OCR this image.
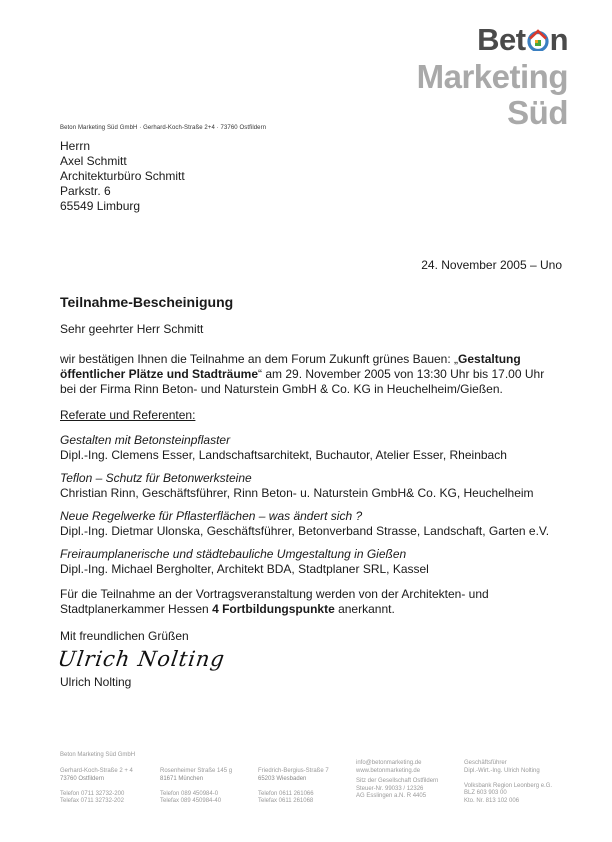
Bet n
Marketing
Süd
Beton Marketing Süd GmbH · Gerhard-Koch-Straße 2+4 · 73760 Ostfildern
Herrn
Axel Schmitt
Architekturbüro Schmitt
Parkstr. 6
65549 Limburg
24. November 2005 – Uno
Teilnahme-Bescheinigung
Sehr geehrter Herr Schmitt
wir bestätigen Ihnen die Teilnahme an dem Forum Zukunft grünes Bauen: „Gestaltung
öffentlicher Plätze und Stadträume“ am 29. November 2005 von 13:30 Uhr bis 17.00 Uhr
bei der Firma Rinn Beton- und Naturstein GmbH & Co. KG in Heuchelheim/Gießen.
Referate und Referenten:
Gestalten mit Betonsteinpflaster
Dipl.-Ing. Clemens Esser, Landschaftsarchitekt, Buchautor, Atelier Esser, Rheinbach
Teflon – Schutz für Betonwerksteine
Christian Rinn, Geschäftsführer, Rinn Beton- u. Naturstein GmbH& Co. KG, Heuchelheim
Neue Regelwerke für Pflasterflächen – was ändert sich ?
Dipl.-Ing. Dietmar Ulonska, Geschäftsführer, Betonverband Strasse, Landschaft, Garten e.V.
Freiraumplanerische und städtebauliche Umgestaltung in Gießen
Dipl.-Ing. Michael Bergholter, Architekt BDA, Stadtplaner SRL, Kassel
Für die Teilnahme an der Vortragsveranstaltung werden von der Architekten- und
Stadtplanerkammer Hessen 4 Fortbildungspunkte anerkannt.
Mit freundlichen Grüßen
Ulrich Nolting
Ulrich Nolting
Beton Marketing Süd GmbH
Gerhard-Koch-Straße 2 + 4
73760 Ostfildern

Telefon 0711 32732-200
Telefax 0711 32732-202
Rosenheimer Straße 145 g
81671 München

Telefon 089 450984-0
Telefax 089 450984-40
Friedrich-Bergius-Straße 7
65203 Wiesbaden

Telefon 0611 261066
Telefax 0611 261068
info@betonmarketing.de
www.betonmarketing.de
Sitz der Gesellschaft Ostfildern
Steuer-Nr. 99033 / 12326
AG Esslingen a.N. R 4405
Geschäftsführer
Dipl.-Wirt.-Ing. Ulrich Nolting

Volksbank Region Leonberg e.G.
BLZ 603 903 00
Kto. Nr. 813 102 006
